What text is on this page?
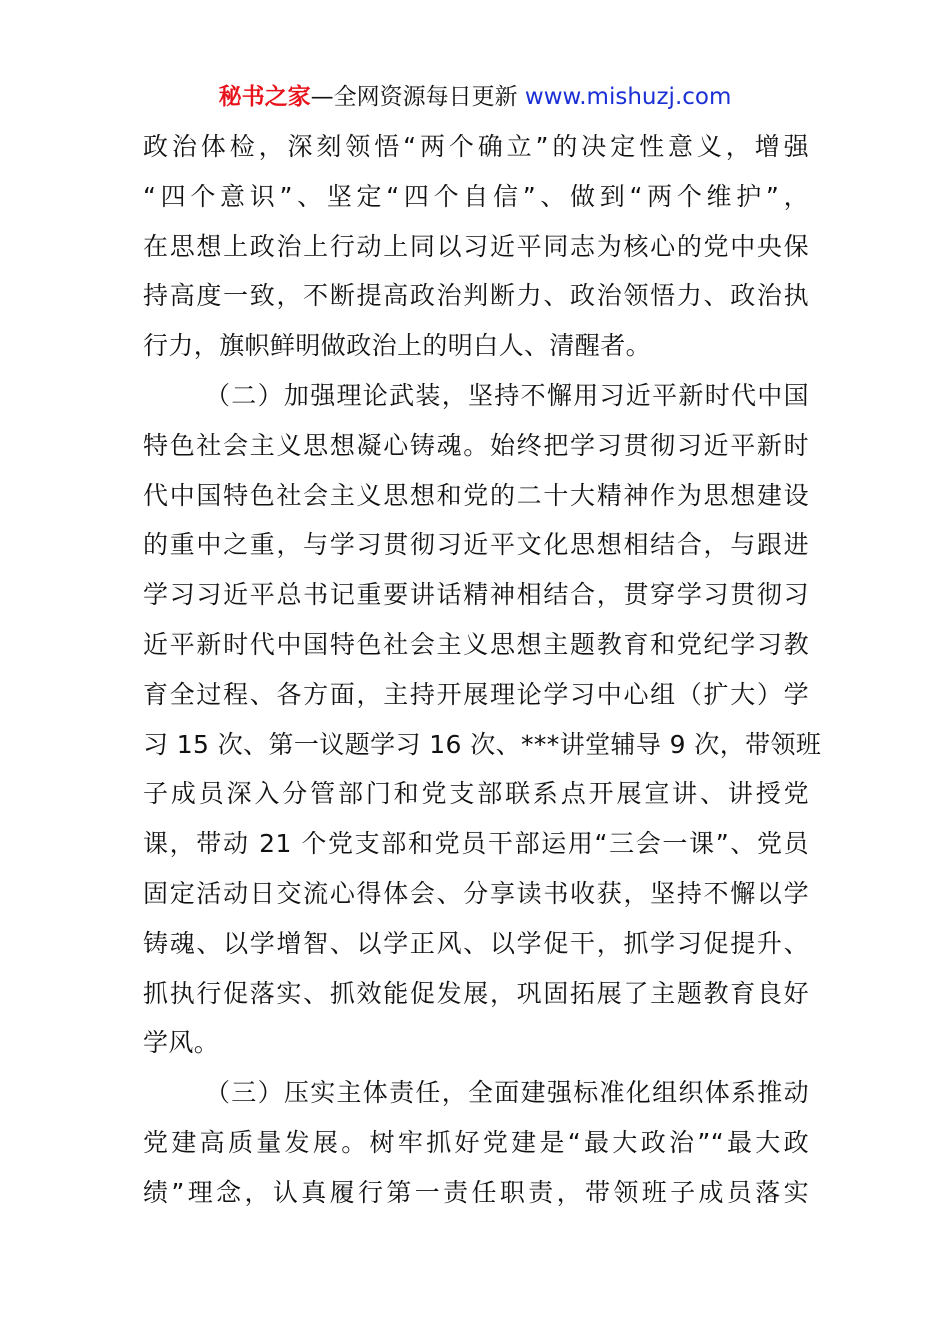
秘书之家—全网资源每日更新 www.mishuzj.com
政治体检，深刻领悟“两个确立”的决定性意义，增强
“四个意识”、坚定“四个自信”、做到“两个维护”，
在思想上政治上行动上同以习近平同志为核心的党中央保
持高度一致，不断提高政治判断力、政治领悟力、政治执
行力，旗帜鲜明做政治上的明白人、清醒者。
（二）加强理论武装，坚持不懈用习近平新时代中国
特色社会主义思想凝心铸魂。始终把学习贯彻习近平新时
代中国特色社会主义思想和党的二十大精神作为思想建设
的重中之重，与学习贯彻习近平文化思想相结合，与跟进
学习习近平总书记重要讲话精神相结合，贯穿学习贯彻习
近平新时代中国特色社会主义思想主题教育和党纪学习教
育全过程、各方面，主持开展理论学习中心组（扩大）学
习 15 次、第一议题学习 16 次、***讲堂辅导 9 次，带领班
子成员深入分管部门和党支部联系点开展宣讲、讲授党
课，带动 21 个党支部和党员干部运用“三会一课”、党员
固定活动日交流心得体会、分享读书收获，坚持不懈以学
铸魂、以学增智、以学正风、以学促干，抓学习促提升、
抓执行促落实、抓效能促发展，巩固拓展了主题教育良好
学风。
（三）压实主体责任，全面建强标准化组织体系推动
党建高质量发展。树牢抓好党建是“最大政治”“最大政
绩”理念，认真履行第一责任职责，带领班子成员落实
